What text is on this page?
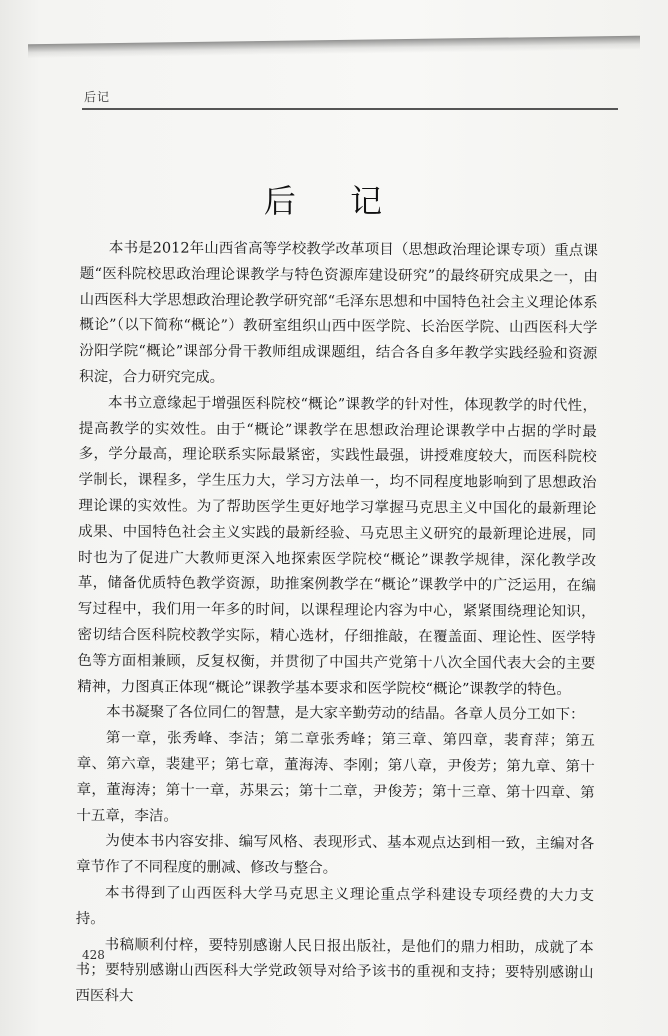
后记
后 记

本书是2012年山西省高等学校教学改革项目（思想政治理论课专项）重点课题“医科院校思政治理论课教学与特色资源库建设研究”的最终研究成果之一，由山西医科大学思想政治理论教学研究部“毛泽东思想和中国特色社会主义理论体系概论”（以下简称“概论”）教研室组织山西中医学院、长治医学院、山西医科大学汾阳学院“概论”课部分骨干教师组成课题组，结合各自多年教学实践经验和资源积淀，合力研究完成。

本书立意缘起于增强医科院校“概论”课教学的针对性，体现教学的时代性，提高教学的实效性。由于“概论”课教学在思想政治理论课教学中占据的学时最多，学分最高，理论联系实际最紧密，实践性最强，讲授难度较大，而医科院校学制长，课程多，学生压力大，学习方法单一，均不同程度地影响到了思想政治理论课的实效性。为了帮助医学生更好地学习掌握马克思主义中国化的最新理论成果、中国特色社会主义实践的最新经验、马克思主义研究的最新理论进展，同时也为了促进广大教师更深入地探索医学院校“概论”课教学规律，深化教学改革，储备优质特色教学资源，助推案例教学在“概论”课教学中的广泛运用，在编写过程中，我们用一年多的时间，以课程理论内容为中心，紧紧围绕理论知识，密切结合医科院校教学实际，精心选材，仔细推敲，在覆盖面、理论性、医学特色等方面相兼顾，反复权衡，并贯彻了中国共产党第十八次全国代表大会的主要精神，力图真正体现“概论”课教学基本要求和医学院校“概论”课教学的特色。

本书凝聚了各位同仁的智慧，是大家辛勤劳动的结晶。各章人员分工如下：

第一章，张秀峰、李洁；第二章张秀峰；第三章、第四章，裴育萍；第五章、第六章，裴建平；第七章，董海涛、李刚；第八章，尹俊芳；第九章、第十章，董海涛；第十一章，苏果云；第十二章，尹俊芳；第十三章、第十四章、第十五章，李洁。

为使本书内容安排、编写风格、表现形式、基本观点达到相一致，主编对各章节作了不同程度的删减、修改与整合。

本书得到了山西医科大学马克思主义理论重点学科建设专项经费的大力支持。

书稿顺利付梓，要特别感谢人民日报出版社，是他们的鼎力相助，成就了本书；要特别感谢山西医科大学党政领导对给予该书的重视和支持；要特别感谢山西医科大

428
